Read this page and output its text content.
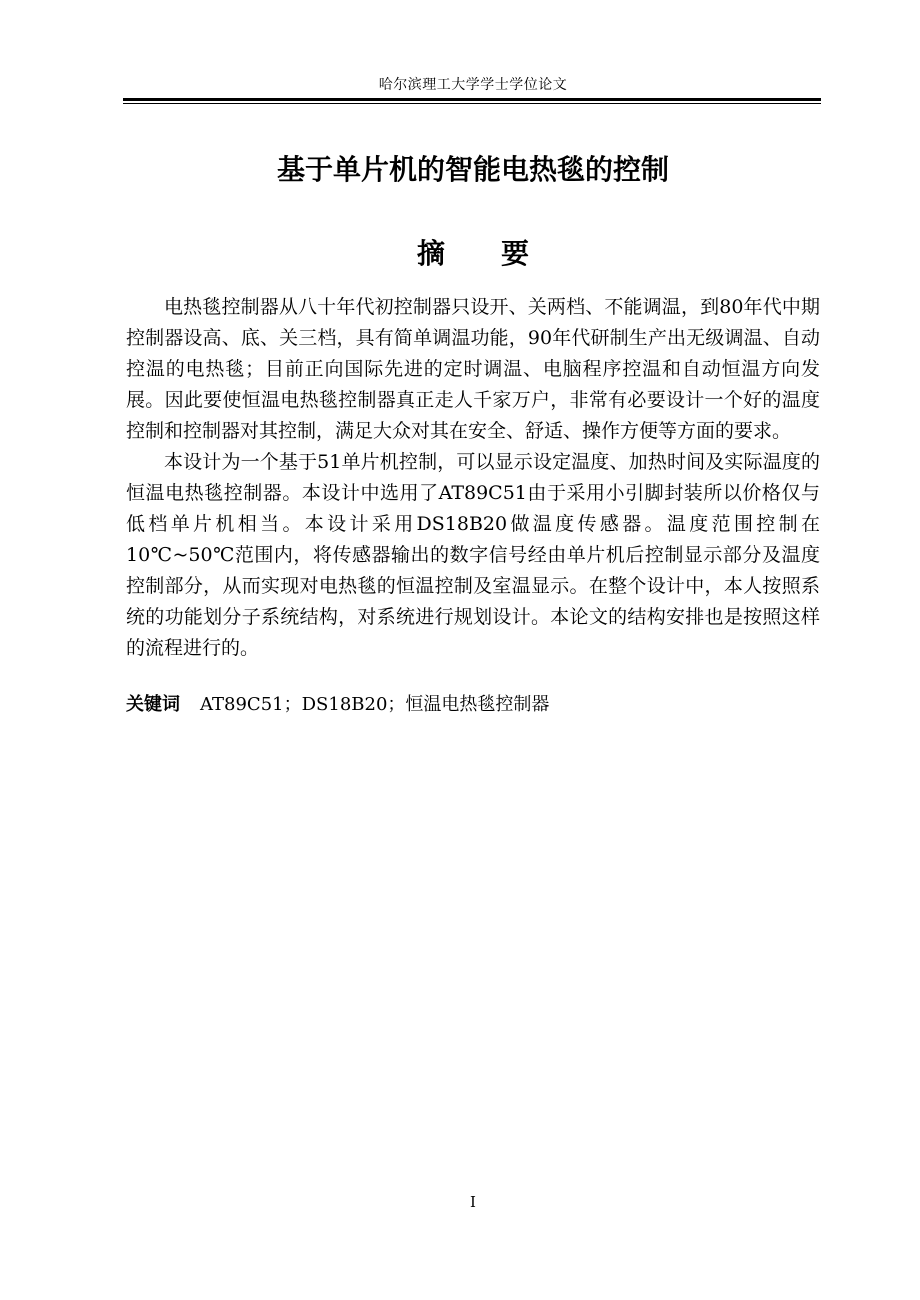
哈尔滨理工大学学士学位论文
基于单片机的智能电热毯的控制
摘要

电热毯控制器从八十年代初控制器只设开、关两档、不能调温，到80年代中期控制器设高、底、关三档，具有简单调温功能，90年代研制生产出无级调温、自动控温的电热毯；目前正向国际先进的定时调温、电脑程序控温和自动恒温方向发展。因此要使恒温电热毯控制器真正走人千家万户，非常有必要设计一个好的温度控制和控制器对其控制，满足大众对其在安全、舒适、操作方便等方面的要求。

本设计为一个基于51单片机控制，可以显示设定温度、加热时间及实际温度的恒温电热毯控制器。本设计中选用了AT89C51由于采用小引脚封装所以价格仅与低档单片机相当。本设计采用DS18B20做温度传感器。温度范围控制在10℃~50℃范围内，将传感器输出的数字信号经由单片机后控制显示部分及温度控制部分，从而实现对电热毯的恒温控制及室温显示。在整个设计中，本人按照系统的功能划分子系统结构，对系统进行规划设计。本论文的结构安排也是按照这样的流程进行的。

关键词 AT89C51；DS18B20；恒温电热毯控制器
I
